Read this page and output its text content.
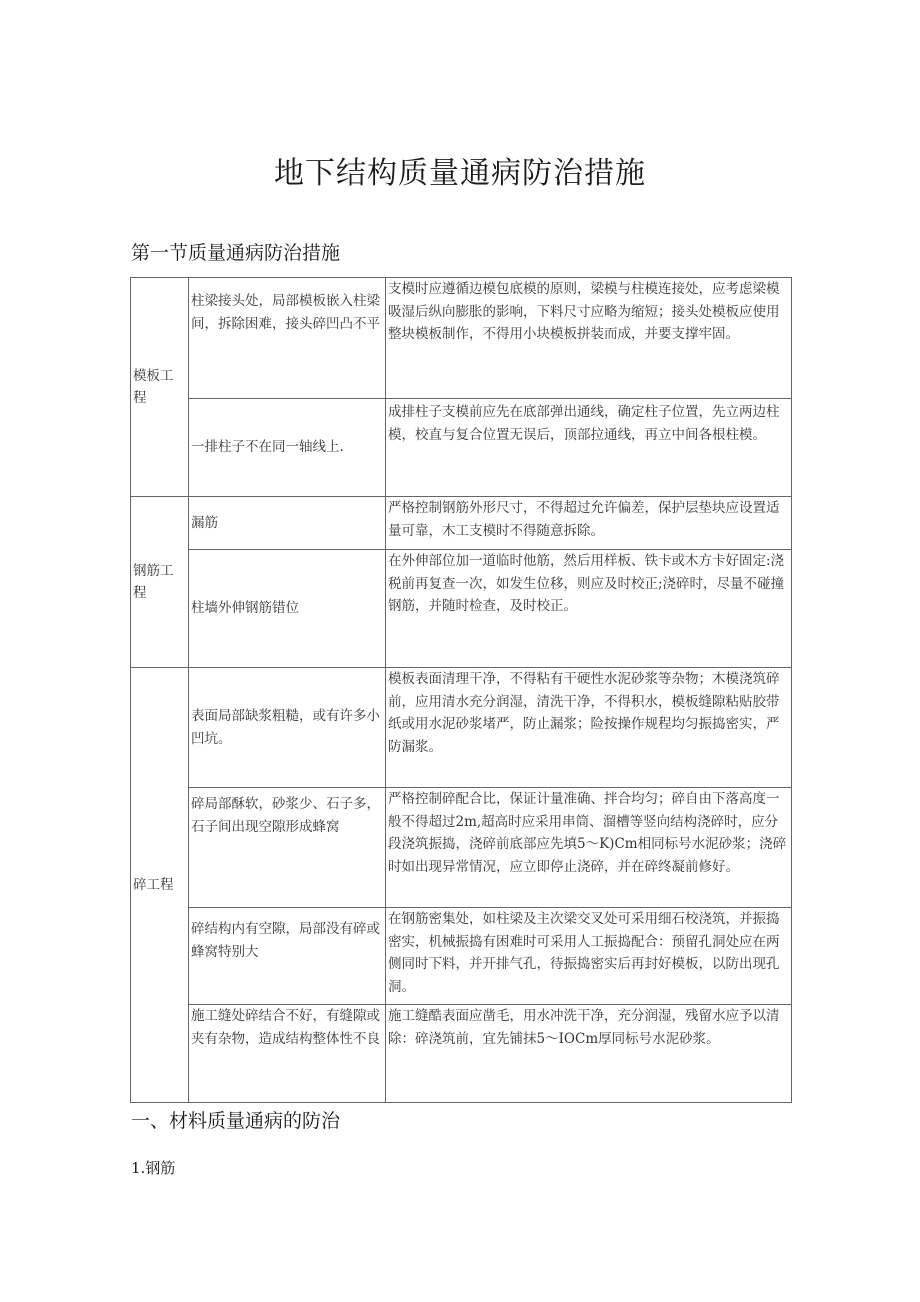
地下结构质量通病防治措施
第一节质量通病防治措施
模板工程	柱梁接头处，局部模板嵌入柱梁间，拆除困难，接头碎凹凸不平	支模时应遵循边模包底模的原则，梁模与柱模连接处，应考虑梁模吸湿后纵向膨胀的影响，下料尺寸应略为缩短；接头处模板应使用整块模板制作，不得用小块模板拼装而成，并要支撑牢固。
	一排柱子不在同一轴线上.	成排柱子支模前应先在底部弹出通线，确定柱子位置，先立两边柱模，校直与复合位置无误后，顶部拉通线，再立中间各根柱模。
钢筋工程	漏筋	严格控制钢筋外形尺寸，不得超过允许偏差，保护层垫块应设置适量可靠，木工支模时不得随意拆除。
	柱墙外伸钢筋错位	在外伸部位加一道临时他筋，然后用样板、铁卡或木方卡好固定:浇税前再复查一次，如发生位移，则应及时校正;浇碎时，尽量不碰撞钢筋，并随时检查，及时校正。
碎工程	表面局部缺浆粗糙，或有许多小凹坑。	模板表面清理干净，不得粘有干硬性水泥砂浆等杂物；木模浇筑碎前，应用清水充分润湿，清洗干净，不得积水，模板缝隙粘贴胶带纸或用水泥砂浆堵严，防止漏浆；险按操作规程均匀振捣密实，严防漏浆。
	碎局部酥软，砂浆少、石子多，石子间出现空隙形成蜂窝	严格控制碎配合比，保证计量准确、拌合均匀；碎自由下落高度一般不得超过2m,超高时应采用串筒、溜槽等竖向结构浇碎时，应分段浇筑振捣，浇碎前底部应先填5〜K)Cm相同标号水泥砂浆；浇碎时如出现异常情况，应立即停止浇碎，并在碎终凝前修好。
	碎结构内有空隙，局部没有碎或蜂窝特别大	在钢筋密集处，如柱梁及主次梁交叉处可采用细石校浇筑，并振捣密实，机械振捣有困难时可采用人工振捣配合：预留孔洞处应在两侧同时下料，并开排气孔，待振捣密实后再封好模板，以防出现孔洞。
	施工缝处碎结合不好，有缝隙或夹有杂物，造成结构整体性不良	施工缝酷表面应凿毛，用水冲洗干净，充分润湿，残留水应予以清除：碎浇筑前，宜先铺抹5〜IOCm厚同标号水泥砂浆。
一、材料质量通病的防治
1.钢筋
